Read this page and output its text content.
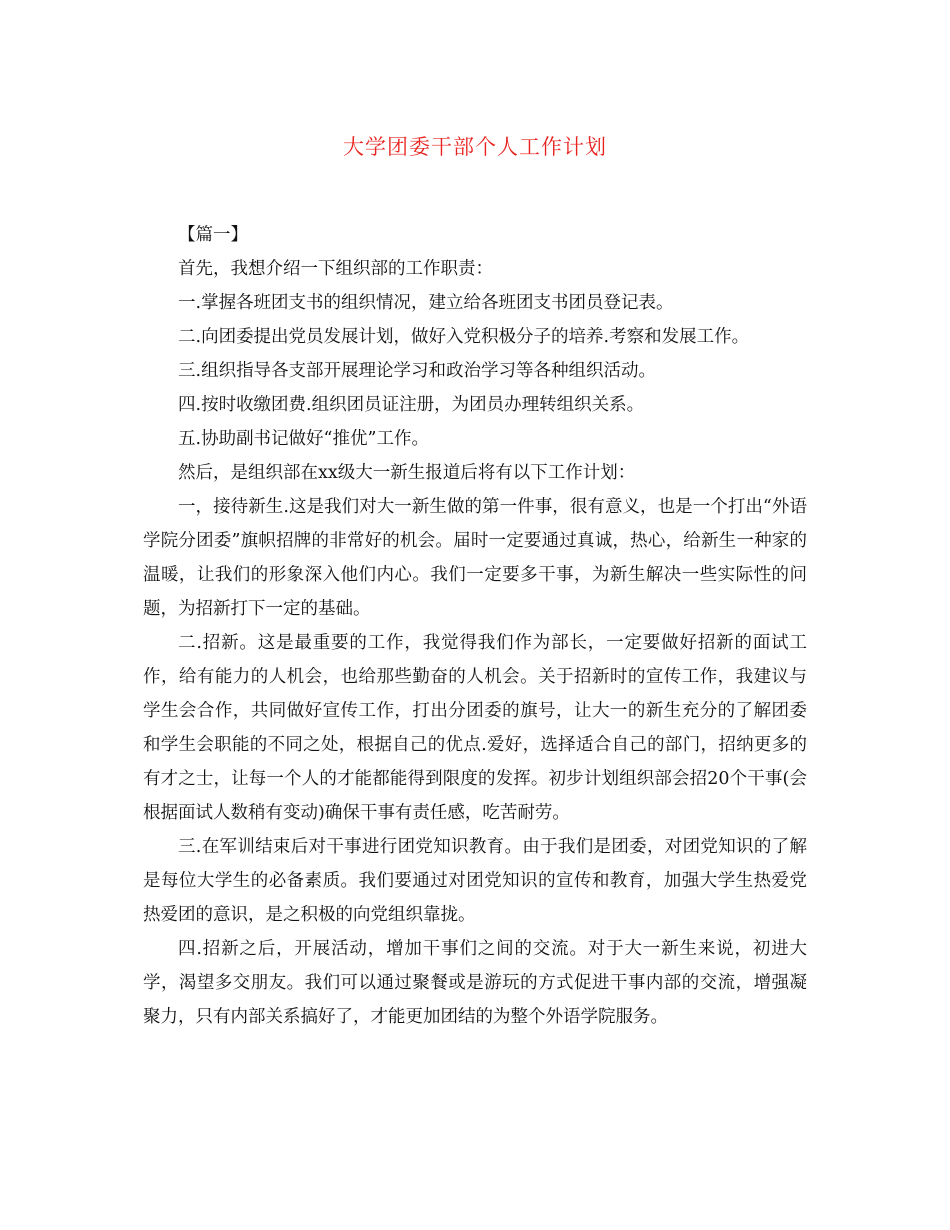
大学团委干部个人工作计划

【篇一】

首先，我想介绍一下组织部的工作职责：

一.掌握各班团支书的组织情况，建立给各班团支书团员登记表。

二.向团委提出党员发展计划，做好入党积极分子的培养.考察和发展工作。

三.组织指导各支部开展理论学习和政治学习等各种组织活动。

四.按时收缴团费.组织团员证注册，为团员办理转组织关系。

五.协助副书记做好“推优”工作。

然后，是组织部在xx级大一新生报道后将有以下工作计划：

一，接待新生.这是我们对大一新生做的第一件事，很有意义，也是一个打出“外语学院分团委”旗帜招牌的非常好的机会。届时一定要通过真诚，热心，给新生一种家的温暖，让我们的形象深入他们内心。我们一定要多干事，为新生解决一些实际性的问题，为招新打下一定的基础。

二.招新。这是最重要的工作，我觉得我们作为部长，一定要做好招新的面试工作，给有能力的人机会，也给那些勤奋的人机会。关于招新时的宣传工作，我建议与学生会合作，共同做好宣传工作，打出分团委的旗号，让大一的新生充分的了解团委和学生会职能的不同之处，根据自己的优点.爱好，选择适合自己的部门，招纳更多的有才之士，让每一个人的才能都能得到限度的发挥。初步计划组织部会招20个干事(会根据面试人数稍有变动)确保干事有责任感，吃苦耐劳。

三.在军训结束后对干事进行团党知识教育。由于我们是团委，对团党知识的了解是每位大学生的必备素质。我们要通过对团党知识的宣传和教育，加强大学生热爱党热爱团的意识，是之积极的向党组织靠拢。

四.招新之后，开展活动，增加干事们之间的交流。对于大一新生来说，初进大学，渴望多交朋友。我们可以通过聚餐或是游玩的方式促进干事内部的交流，增强凝聚力，只有内部关系搞好了，才能更加团结的为整个外语学院服务。
